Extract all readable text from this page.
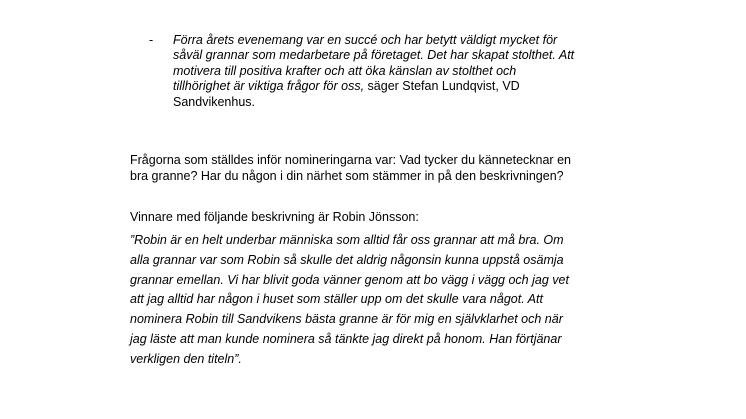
- Förra årets evenemang var en succé och har betytt väldigt mycket för
såväl grannar som medarbetare på företaget. Det har skapat stolthet. Att
motivera till positiva krafter och att öka känslan av stolthet och
tillhörighet är viktiga frågor för oss, säger Stefan Lundqvist, VD
Sandvikenhus.
Frågorna som ställdes inför nomineringarna var: Vad tycker du kännetecknar en
bra granne? Har du någon i din närhet som stämmer in på den beskrivningen?
Vinnare med följande beskrivning är Robin Jönsson:
”Robin är en helt underbar människa som alltid får oss grannar att må bra. Om
alla grannar var som Robin så skulle det aldrig någonsin kunna uppstå osämja
grannar emellan. Vi har blivit goda vänner genom att bo vägg i vägg och jag vet
att jag alltid har någon i huset som ställer upp om det skulle vara något. Att
nominera Robin till Sandvikens bästa granne är för mig en självklarhet och när
jag läste att man kunde nominera så tänkte jag direkt på honom. Han förtjänar
verkligen den titeln”.
